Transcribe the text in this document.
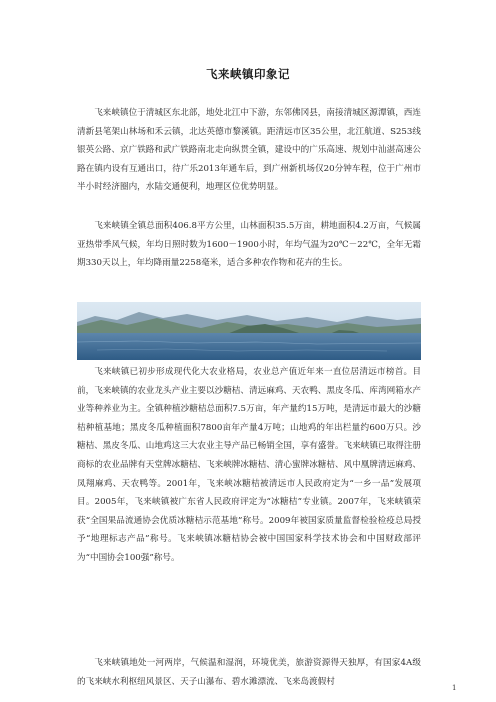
飞来峡镇印象记

飞来峡镇位于清城区东北部，地处北江中下游，东邻佛冈县，南接清城区源潭镇，西连清新县笔架山林场和禾云镇，北达英德市黎溪镇。距清远市区35公里，北江航道、S253线银英公路、京广铁路和武广铁路南北走向纵贯全镇，建设中的广乐高速、规划中汕湛高速公路在镇内设有互通出口，待广乐2013年通车后，到广州新机场仅20分钟车程，位于广州市半小时经济圈内，水陆交通便利，地理区位优势明显。

飞来峡镇全镇总面积406.8平方公里，山林面积35.5万亩，耕地面积4.2万亩，气候属亚热带季风气候，年均日照时数为1600－1900小时，年均气温为20℃－22℃，全年无霜期330天以上，年均降雨量2258毫米，适合多种农作物和花卉的生长。

飞来峡镇已初步形成现代化大农业格局，农业总产值近年来一直位居清远市榜首。目前，飞来峡镇的农业龙头产业主要以沙糖桔、清远麻鸡、天农鸭、黑皮冬瓜、库湾网箱水产业等种养业为主。全镇种植沙糖桔总面积7.5万亩，年产量约15万吨，是清远市最大的沙糖桔种植基地；黑皮冬瓜种植面积7800亩年产量4万吨；山地鸡的年出栏量约600万只。沙糖桔、黑皮冬瓜、山地鸡这三大农业主导产品已畅销全国，享有盛誉。飞来峡镇已取得注册商标的农业品牌有天堂牌冰糖桔、飞来峡牌冰糖桔、清心蜜牌冰糖桔、风中凰牌清远麻鸡、凤翔麻鸡、天农鸭等。2001年，飞来峡冰糖桔被清远市人民政府定为“一乡一品”发展项目。2005年，飞来峡镇被广东省人民政府评定为“冰糖桔”专业镇。2007年，飞来峡镇荣获“全国果品流通协会优质冰糖桔示范基地”称号。2009年被国家质量监督检验检疫总局授予“地理标志产品”称号。飞来峡镇冰糖桔协会被中国国家科学技术协会和中国财政部评为“中国协会100强”称号。

飞来峡镇地处一河两岸，气候温和湿润，环境优美，旅游资源得天独厚，有国家4A级的飞来峡水利枢纽风景区、天子山瀑布、碧水滩漂流、飞来岛渡假村

1
